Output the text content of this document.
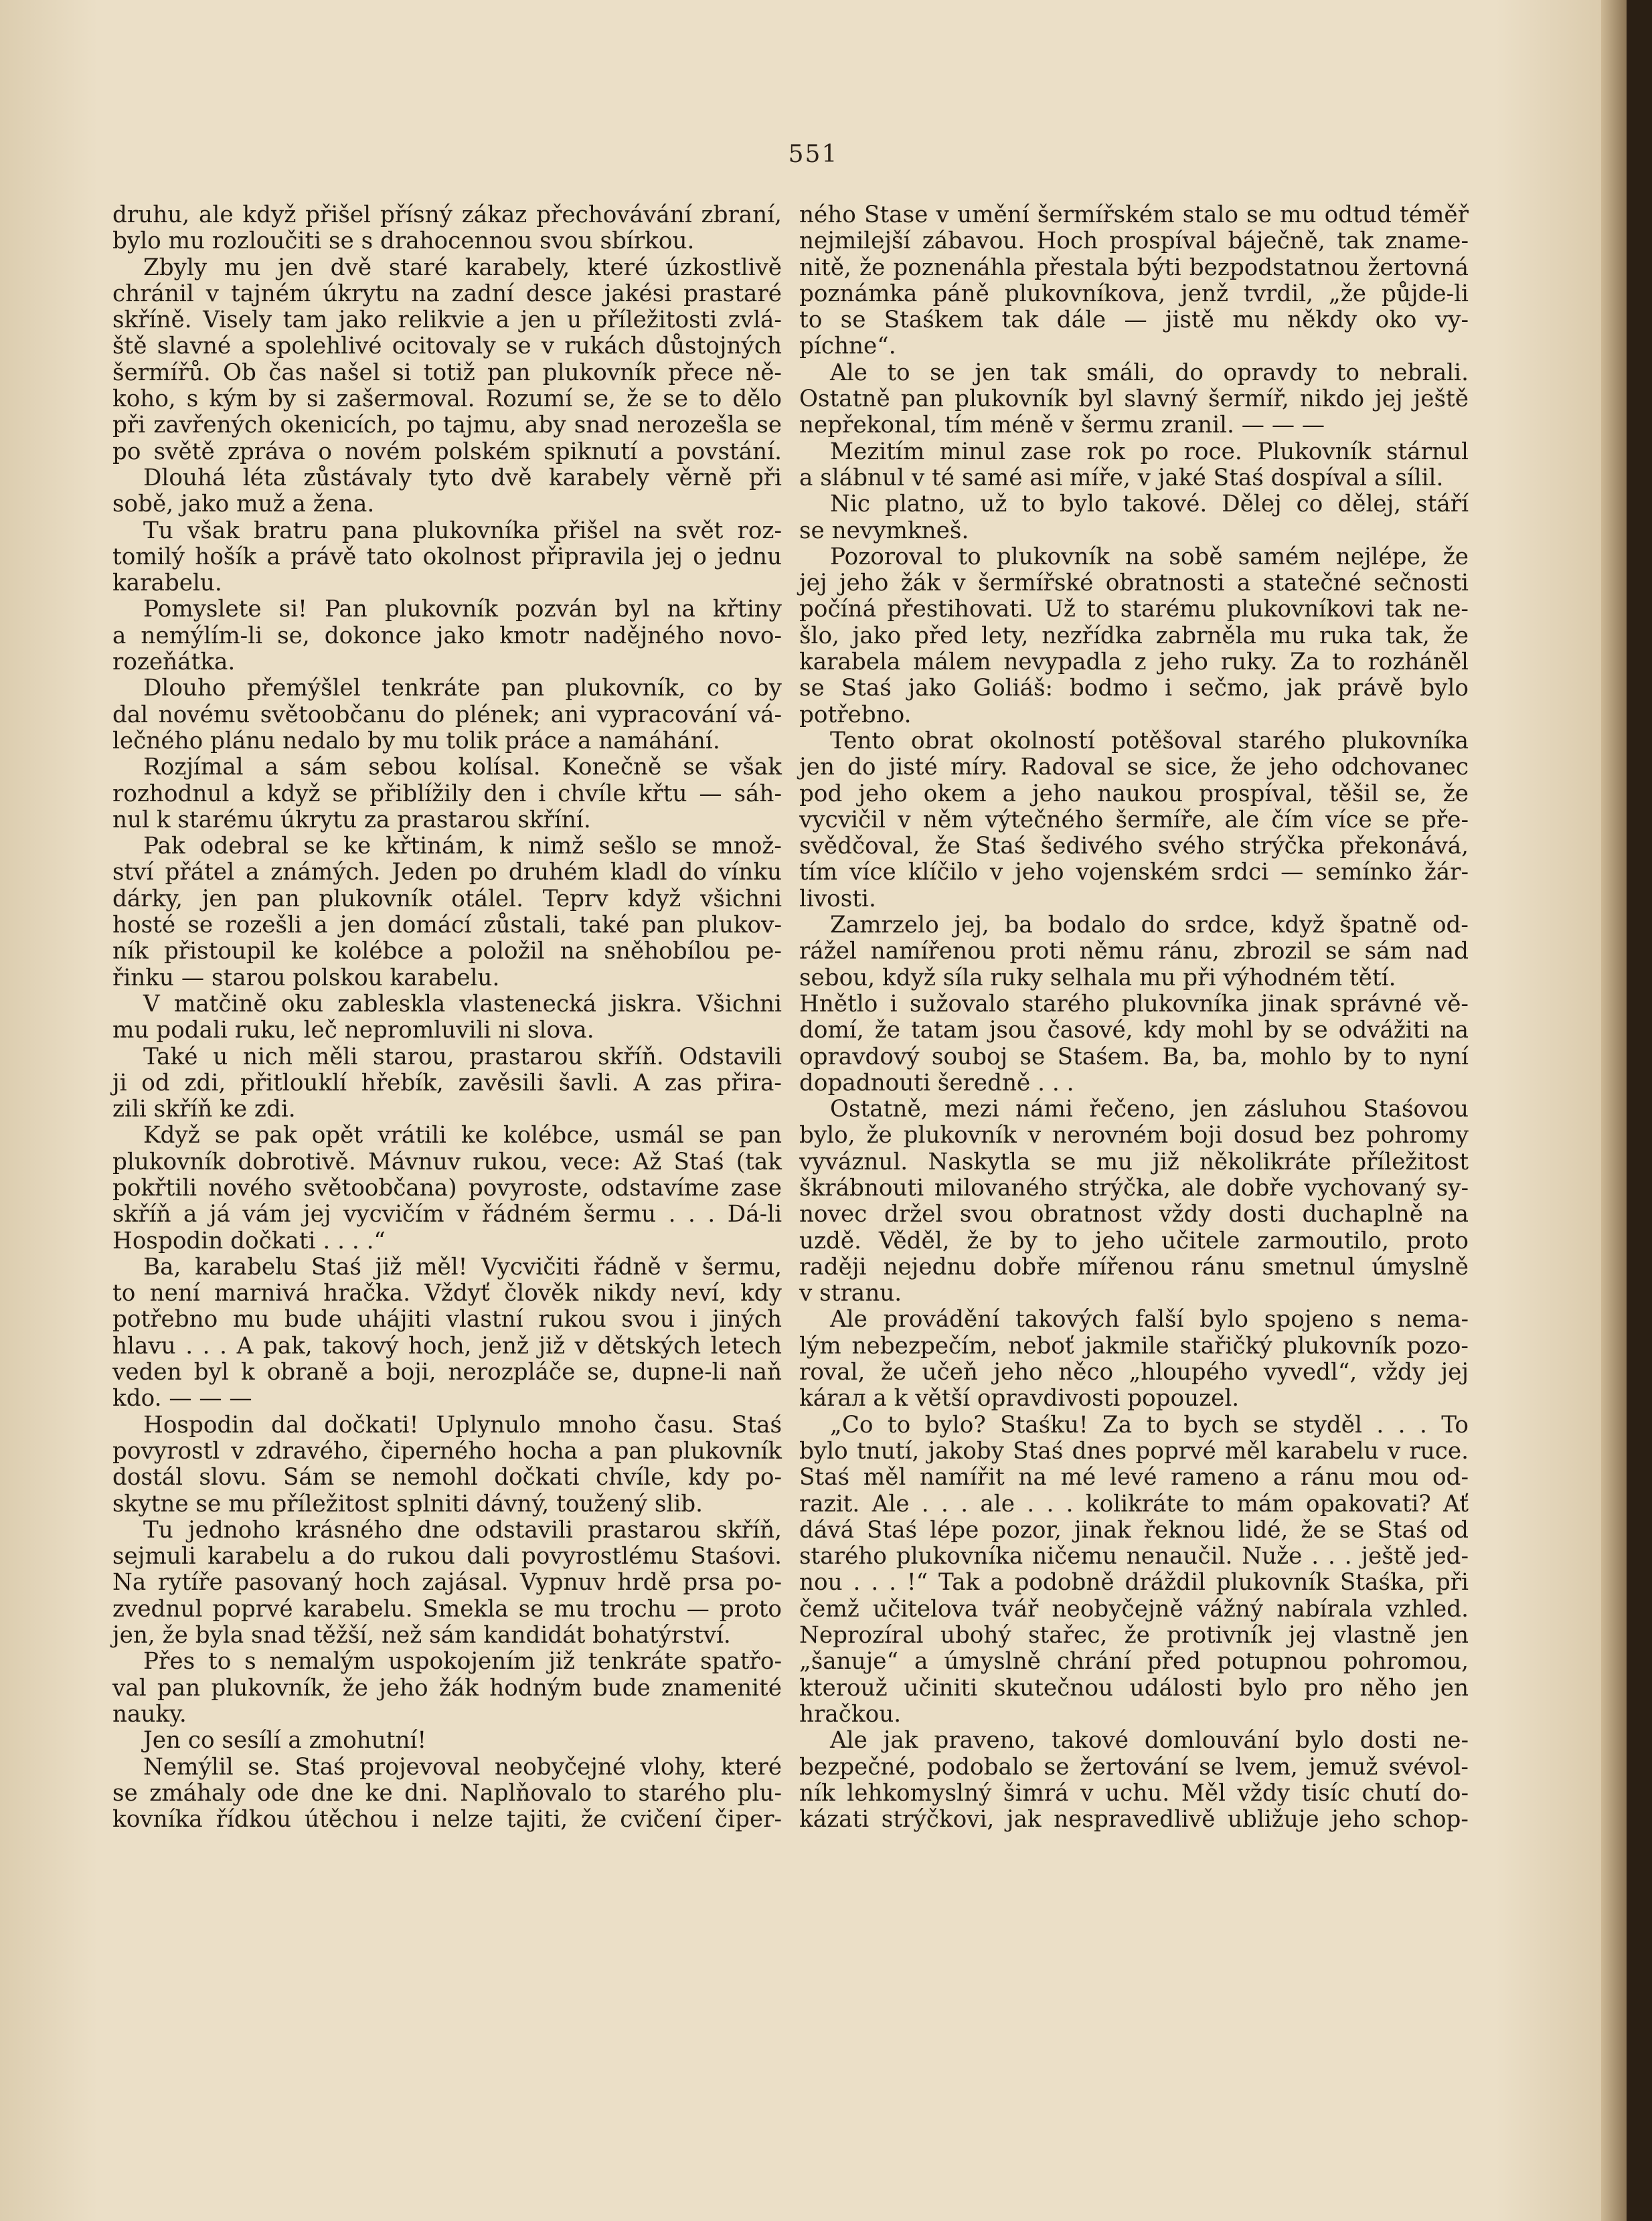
551
druhu, ale když přišel přísný zákaz přechovávání zbraní,
bylo mu rozloučiti se s drahocennou svou sbírkou.
Zbyly mu jen dvě staré karabely, které úzkostlivě
chránil v tajném úkrytu na zadní desce jakési prastaré
skříně. Visely tam jako relikvie a jen u příležitosti zvlá-
ště slavné a spolehlivé ocitovaly se v rukách důstojných
šermířů. Ob čas našel si totiž pan plukovník přece ně-
koho, s kým by si zašermoval. Rozumí se, že se to dělo
při zavřených okenicích, po tajmu, aby snad nerozešla se
po světě zpráva o novém polském spiknutí a povstání.
Dlouhá léta zůstávaly tyto dvě karabely věrně při
sobě, jako muž a žena.
Tu však bratru pana plukovníka přišel na svět roz-
tomilý hošík a právě tato okolnost připravila jej o jednu
karabelu.
Pomyslete si! Pan plukovník pozván byl na křtiny
a nemýlím-li se, dokonce jako kmotr nadějného novo-
rozeňátka.
Dlouho přemýšlel tenkráte pan plukovník, co by
dal novému světoobčanu do plének; ani vypracování vá-
lečného plánu nedalo by mu tolik práce a namáhání.
Rozjímal a sám sebou kolísal. Konečně se však
rozhodnul a když se přiblížily den i chvíle křtu — sáh-
nul k starému úkrytu za prastarou skříní.
Pak odebral se ke křtinám, k nimž sešlo se množ-
ství přátel a známých. Jeden po druhém kladl do vínku
dárky, jen pan plukovník otálel. Teprv když všichni
hosté se rozešli a jen domácí zůstali, také pan plukov-
ník přistoupil ke kolébce a položil na sněhobílou pe-
řinku — starou polskou karabelu.
V matčině oku zableskla vlastenecká jiskra. Všichni
mu podali ruku, leč nepromluvili ni slova.
Také u nich měli starou, prastarou skříň. Odstavili
ji od zdi, přitlouklí hřebík, zavěsili šavli. A zas přira-
zili skříň ke zdi.
Když se pak opět vrátili ke kolébce, usmál se pan
plukovník dobrotivě. Mávnuv rukou, vece: Až Staś (tak
pokřtili nového světoobčana) povyroste, odstavíme zase
skříň a já vám jej vycvičím v řádném šermu . . . Dá-li
Hospodin dočkati . . . .“
Ba, karabelu Staś již měl! Vycvičiti řádně v šermu,
to není marnivá hračka. Vždyť člověk nikdy neví, kdy
potřebno mu bude uhájiti vlastní rukou svou i jiných
hlavu . . . A pak, takový hoch, jenž již v dětských letech
veden byl k obraně a boji, nerozpláče se, dupne-li naň
kdo. — — —
Hospodin dal dočkati! Uplynulo mnoho času. Staś
povyrostl v zdravého, čiperného hocha a pan plukovník
dostál slovu. Sám se nemohl dočkati chvíle, kdy po-
skytne se mu příležitost splniti dávný, toužený slib.
Tu jednoho krásného dne odstavili prastarou skříň,
sejmuli karabelu a do rukou dali povyrostlému Staśovi.
Na rytíře pasovaný hoch zajásal. Vypnuv hrdě prsa po-
zvednul poprvé karabelu. Smekla se mu trochu — proto
jen, že byla snad těžší, než sám kandidát bohatýrství.
Přes to s nemalým uspokojením již tenkráte spatřo-
val pan plukovník, že jeho žák hodným bude znamenité
nauky.
Jen co sesílí a zmohutní!
Nemýlil se. Staś projevoval neobyčejné vlohy, které
se zmáhaly ode dne ke dni. Naplňovalo to starého plu-
kovníka řídkou útěchou i nelze tajiti, že cvičení čiper-
ného Stase v umění šermířském stalo se mu odtud téměř
nejmilejší zábavou. Hoch prospíval báječně, tak zname-
nitě, že poznenáhla přestala býti bezpodstatnou žertovná
poznámka páně plukovníkova, jenž tvrdil, „že půjde-li
to se Staśkem tak dále — jistě mu někdy oko vy-
píchne“.
Ale to se jen tak smáli, do opravdy to nebrali.
Ostatně pan plukovník byl slavný šermíř, nikdo jej ještě
nepřekonal, tím méně v šermu zranil. — — —
Mezitím minul zase rok po roce. Plukovník stárnul
a slábnul v té samé asi míře, v jaké Staś dospíval a sílil.
Nic platno, už to bylo takové. Dělej co dělej, stáří
se nevymkneš.
Pozoroval to plukovník na sobě samém nejlépe, že
jej jeho žák v šermířské obratnosti a statečné sečnosti
počíná přestihovati. Už to starému plukovníkovi tak ne-
šlo, jako před lety, nezřídka zabrněla mu ruka tak, že
karabela málem nevypadla z jeho ruky. Za to rozháněl
se Staś jako Goliáš: bodmo i sečmo, jak právě bylo
potřebno.
Tento obrat okolností potěšoval starého plukovníka
jen do jisté míry. Radoval se sice, že jeho odchovanec
pod jeho okem a jeho naukou prospíval, těšil se, že
vycvičil v něm výtečného šermíře, ale čím více se pře-
svědčoval, že Staś šedivého svého strýčka překonává,
tím více klíčilo v jeho vojenském srdci — semínko žár-
livosti.
Zamrzelo jej, ba bodalo do srdce, když špatně od-
rážel namířenou proti němu ránu, zbrozil se sám nad
sebou, když síla ruky selhala mu při výhodném tětí.
Hnětlo i sužovalo starého plukovníka jinak správné vě-
domí, že tatam jsou časové, kdy mohl by se odvážiti na
opravdový souboj se Staśem. Ba, ba, mohlo by to nyní
dopadnouti šeredně . . .
Ostatně, mezi námi řečeno, jen zásluhou Staśovou
bylo, že plukovník v nerovném boji dosud bez pohromy
vyváznul. Naskytla se mu již několikráte příležitost
škrábnouti milovaného strýčka, ale dobře vychovaný sy-
novec držel svou obratnost vždy dosti duchaplně na
uzdě. Věděl, že by to jeho učitele zarmoutilo, proto
raději nejednu dobře mířenou ránu smetnul úmyslně
v stranu.
Ale provádění takových falší bylo spojeno s nema-
lým nebezpečím, neboť jakmile stařičký plukovník pozo-
roval, že učeň jeho něco „hloupého vyvedl“, vždy jej
kárал a k větší opravdivosti popouzel.
„Co to bylo? Staśku! Za to bych se styděl . . . To
bylo tnutí, jakoby Staś dnes poprvé měl karabelu v ruce.
Staś měl namířit na mé levé rameno a ránu mou od-
razit. Ale . . . ale . . . kolikráte to mám opakovati? Ať
dává Staś lépe pozor, jinak řeknou lidé, že se Staś od
starého plukovníka ničemu nenaučil. Nuže . . . ještě jed-
nou . . . !“ Tak a podobně dráždil plukovník Staśka, při
čemž učitelova tvář neobyčejně vážný nabírala vzhled.
Neprozíral ubohý stařec, že protivník jej vlastně jen
„šanuje“ a úmyslně chrání před potupnou pohromou,
kterouž učiniti skutečnou události bylo pro něho jen
hračkou.
Ale jak praveno, takové domlouvání bylo dosti ne-
bezpečné, podobalo se žertování se lvem, jemuž svévol-
ník lehkomyslný šimrá v uchu. Měl vždy tisíc chutí do-
kázati strýčkovi, jak nespravedlivě ubližuje jeho schop-
